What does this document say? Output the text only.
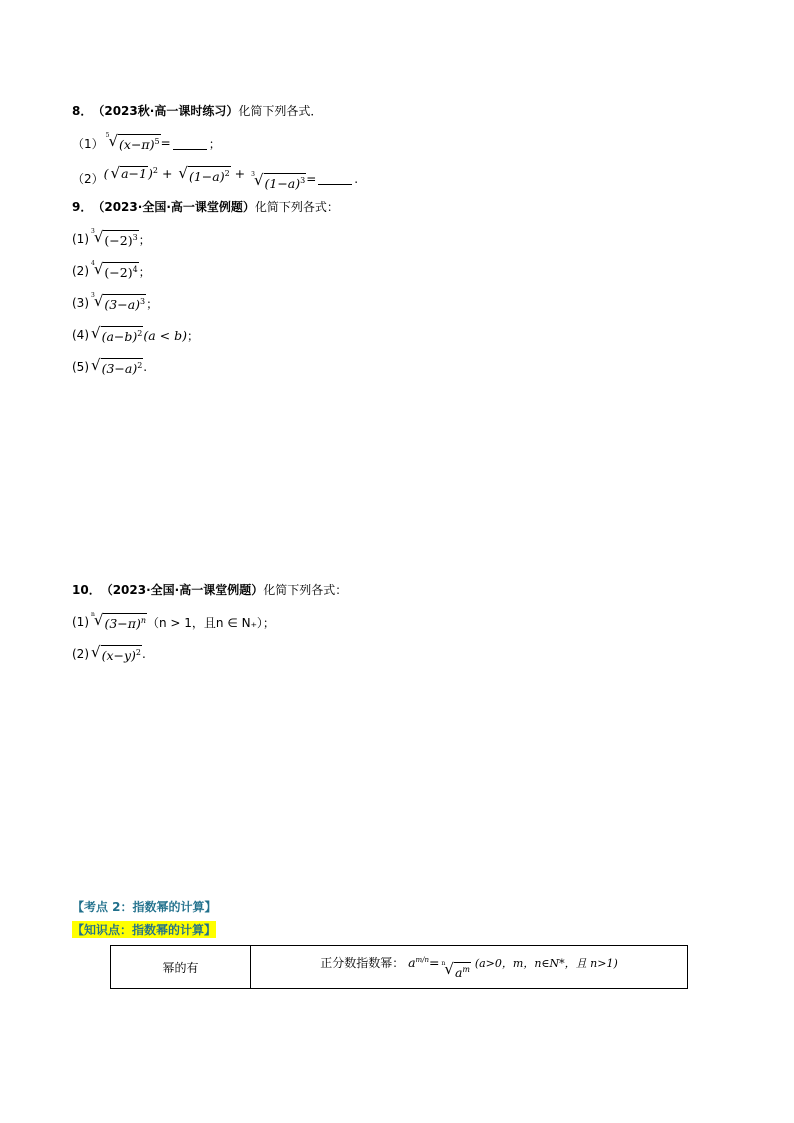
8． （2023秋·高一课时练习） 化简下列各式．
（1）
5 √ $(x-\pi)^5$ =	；
（2） ( √ a−1 )$^2$ + √ $(1-a)^2 + 3$ √ $(1-a)^3$ =	.
9． （2023·全国·高一课堂例题） 化简下列各式：
(1)
3 √ $(-2)^3$ ；
(2)
4 √ $(-2)^4$ ；
(3)
3 √ $(3-a)^3$ ；
(4) √ $(a-b)^2$ (a < b) ；
(5) √ $(3-a)^2$ .
10． （2023·全国·高一课堂例题） 化简下列各式：
(1)
n √ $(3-\pi)^n$ （n > 1，且n ∈ N₊）；
(2) √ $(x-y)^2$ .
【考点 2：指数幂的计算】
【知识点：指数幂的计算】
幂的有	正分数指数幂： $a^{m/n}= n$ √ $a^m$ (a>0，m，n∈N*，且 n>1)
